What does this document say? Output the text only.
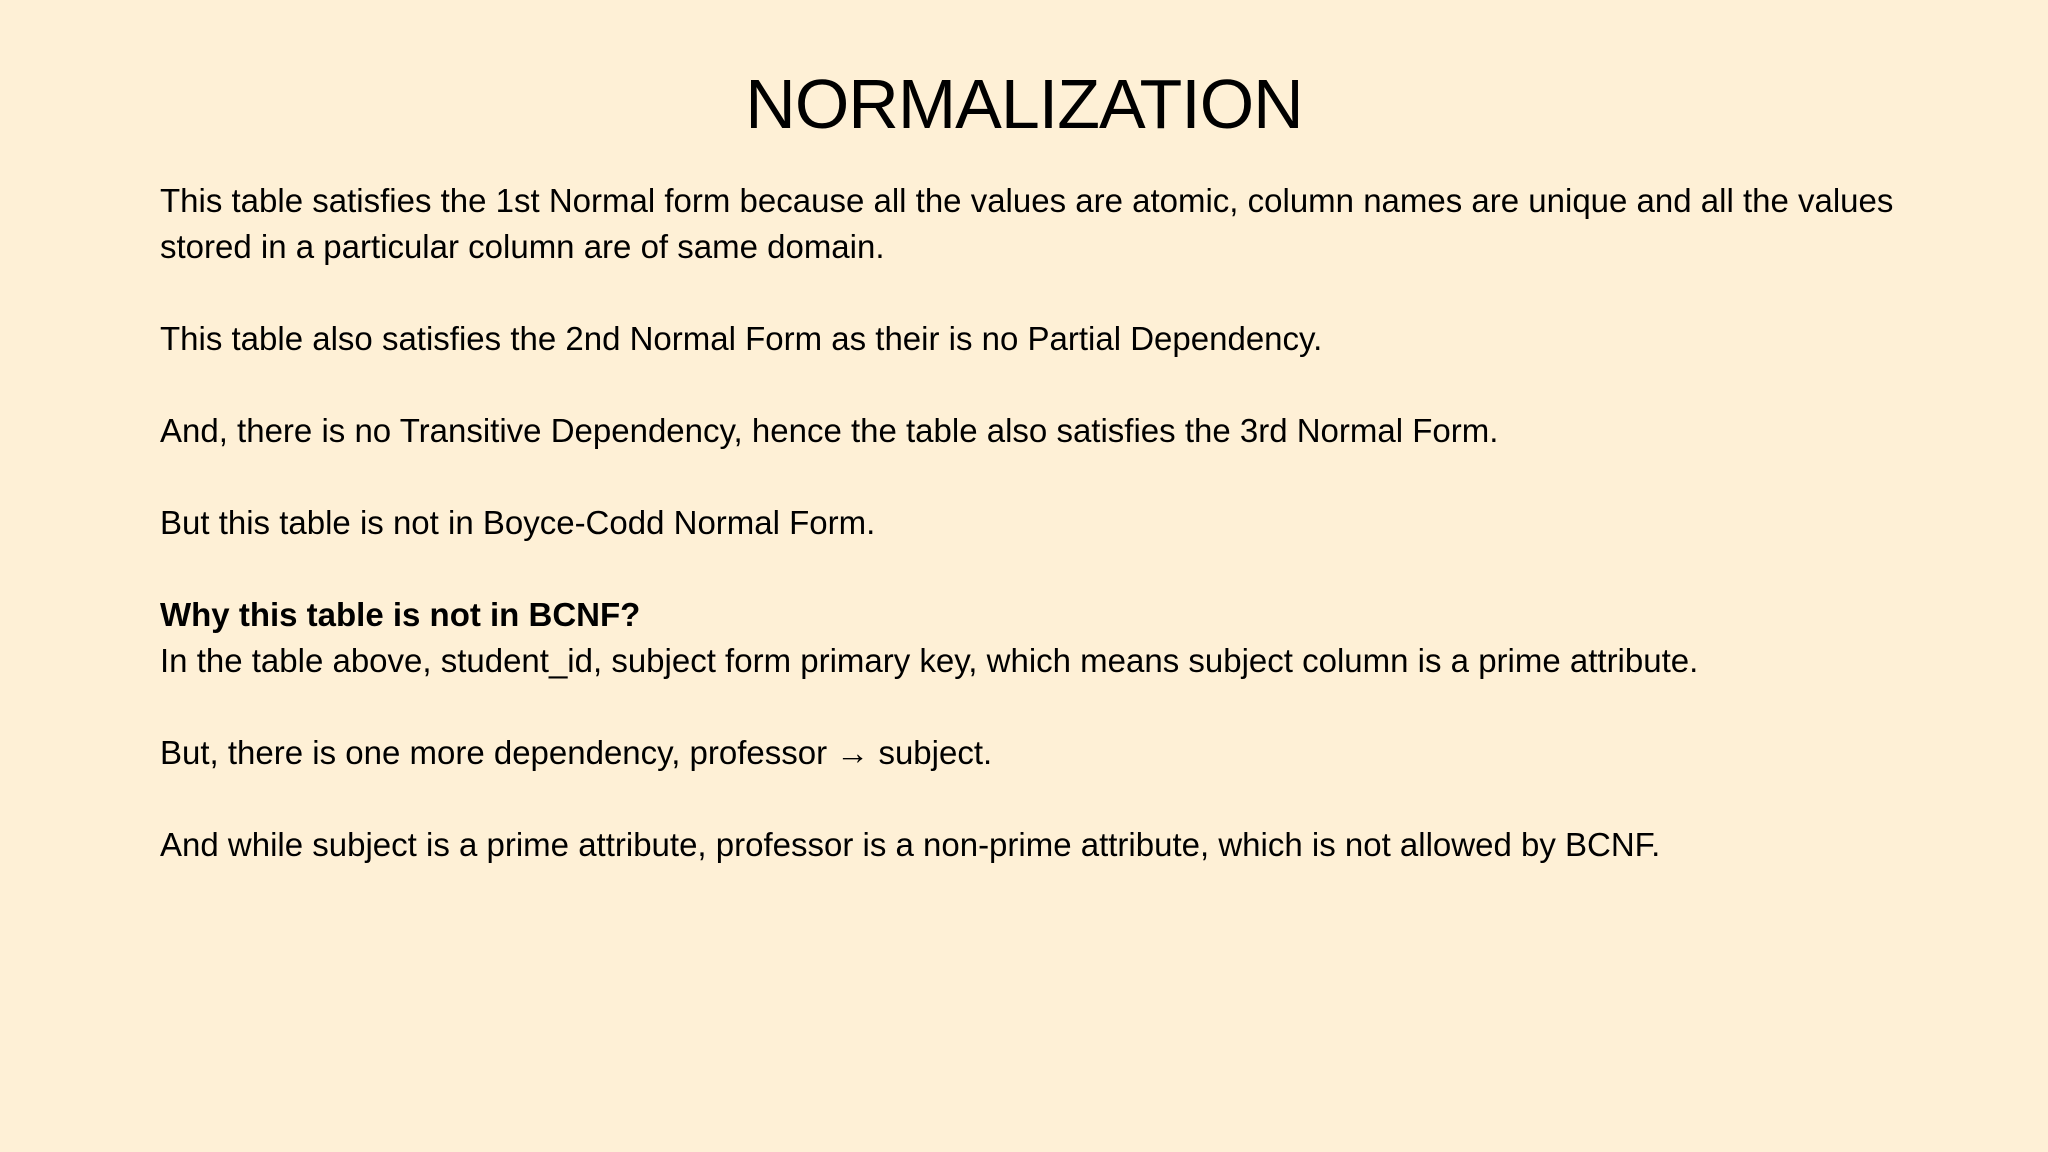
NORMALIZATION

This table satisfies the 1st Normal form because all the values are atomic, column names are unique and all the values stored in a particular column are of same domain.

This table also satisfies the 2nd Normal Form as their is no Partial Dependency.

And, there is no Transitive Dependency, hence the table also satisfies the 3rd Normal Form.

But this table is not in Boyce-Codd Normal Form.

Why this table is not in BCNF?

In the table above, student_id, subject form primary key, which means subject column is a prime attribute.

But, there is one more dependency, professor → subject.

And while subject is a prime attribute, professor is a non-prime attribute, which is not allowed by BCNF.
